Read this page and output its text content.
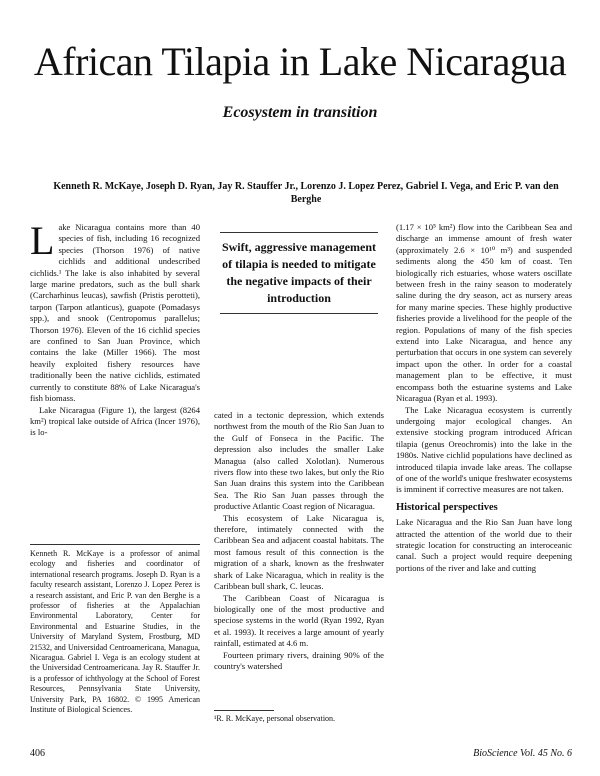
African Tilapia in Lake Nicaragua
Ecosystem in transition

Kenneth R. McKaye, Joseph D. Ryan, Jay R. Stauffer Jr., Lorenzo J. Lopez Perez, Gabriel I. Vega, and Eric P. van den Berghe

L ake Nicaragua contains more than 40 species of fish, including 16 recognized species (Thorson 1976) of native cichlids and additional undescribed cichlids.¹ The lake is also inhabited by several large marine predators, such as the bull shark (Carcharhinus leucas), sawfish (Pristis perotteti), tarpon (Tarpon atlanticus), guapote (Pomadasys spp.), and snook (Centropomus parallelus; Thorson 1976). Eleven of the 16 cichlid species are confined to San Juan Province, which contains the lake (Miller 1966). The most heavily exploited fishery resources have traditionally been the native cichlids, estimated currently to constitute 88% of Lake Nicaragua's fish biomass.

Lake Nicaragua (Figure 1), the largest (8264 km²) tropical lake outside of Africa (Incer 1976), is lo-

Kenneth R. McKaye is a professor of animal ecology and fisheries and coordinator of international research programs. Joseph D. Ryan is a faculty research assistant, Lorenzo J. Lopez Perez is a research assistant, and Eric P. van den Berghe is a professor of fisheries at the Appalachian Environmental Laboratory, Center for Environmental and Estuarine Studies, in the University of Maryland System, Frostburg, MD 21532, and Universidad Centroamericana, Managua, Nicaragua. Gabriel I. Vega is an ecology student at the Universidad Centroamericana. Jay R. Stauffer Jr. is a professor of ichthyology at the School of Forest Resources, Pennsylvania State University, University Park, PA 16802. © 1995 American Institute of Biological Sciences.

Swift, aggressive management of tilapia is needed to mitigate the negative impacts of their introduction

cated in a tectonic depression, which extends northwest from the mouth of the Rio San Juan to the Gulf of Fonseca in the Pacific. The depression also includes the smaller Lake Managua (also called Xolotlan). Numerous rivers flow into these two lakes, but only the Rio San Juan drains this system into the Caribbean Sea. The Rio San Juan passes through the productive Atlantic Coast region of Nicaragua.

This ecosystem of Lake Nicaragua is, therefore, intimately connected with the Caribbean Sea and adjacent coastal habitats. The most famous result of this connection is the migration of a shark, known as the freshwater shark of Lake Nicaragua, which in reality is the Caribbean bull shark, C. leucas.

The Caribbean Coast of Nicaragua is biologically one of the most productive and speciose systems in the world (Ryan 1992, Ryan et al. 1993). It receives a large amount of yearly rainfall, estimated at 4.6 m.

Fourteen primary rivers, draining 90% of the country's watershed

¹R. R. McKaye, personal observation.

(1.17 × 10⁵ km²) flow into the Caribbean Sea and discharge an immense amount of fresh water (approximately 2.6 × 10¹⁰ m³) and suspended sediments along the 450 km of coast. Ten biologically rich estuaries, whose waters oscillate between fresh in the rainy season to moderately saline during the dry season, act as nursery areas for many marine species. These highly productive fisheries provide a livelihood for the people of the region. Populations of many of the fish species extend into Lake Nicaragua, and hence any perturbation that occurs in one system can severely impact upon the other. In order for a coastal management plan to be effective, it must encompass both the estuarine systems and Lake Nicaragua (Ryan et al. 1993).

The Lake Nicaragua ecosystem is currently undergoing major ecological changes. An extensive stocking program introduced African tilapia (genus Oreochromis) into the lake in the 1980s. Native cichlid populations have declined as introduced tilapia invade lake areas. The collapse of one of the world's unique freshwater ecosystems is imminent if corrective measures are not taken.

Historical perspectives

Lake Nicaragua and the Rio San Juan have long attracted the attention of the world due to their strategic location for constructing an interoceanic canal. Such a project would require deepening portions of the river and lake and cutting

406	BioScience Vol. 45 No. 6
